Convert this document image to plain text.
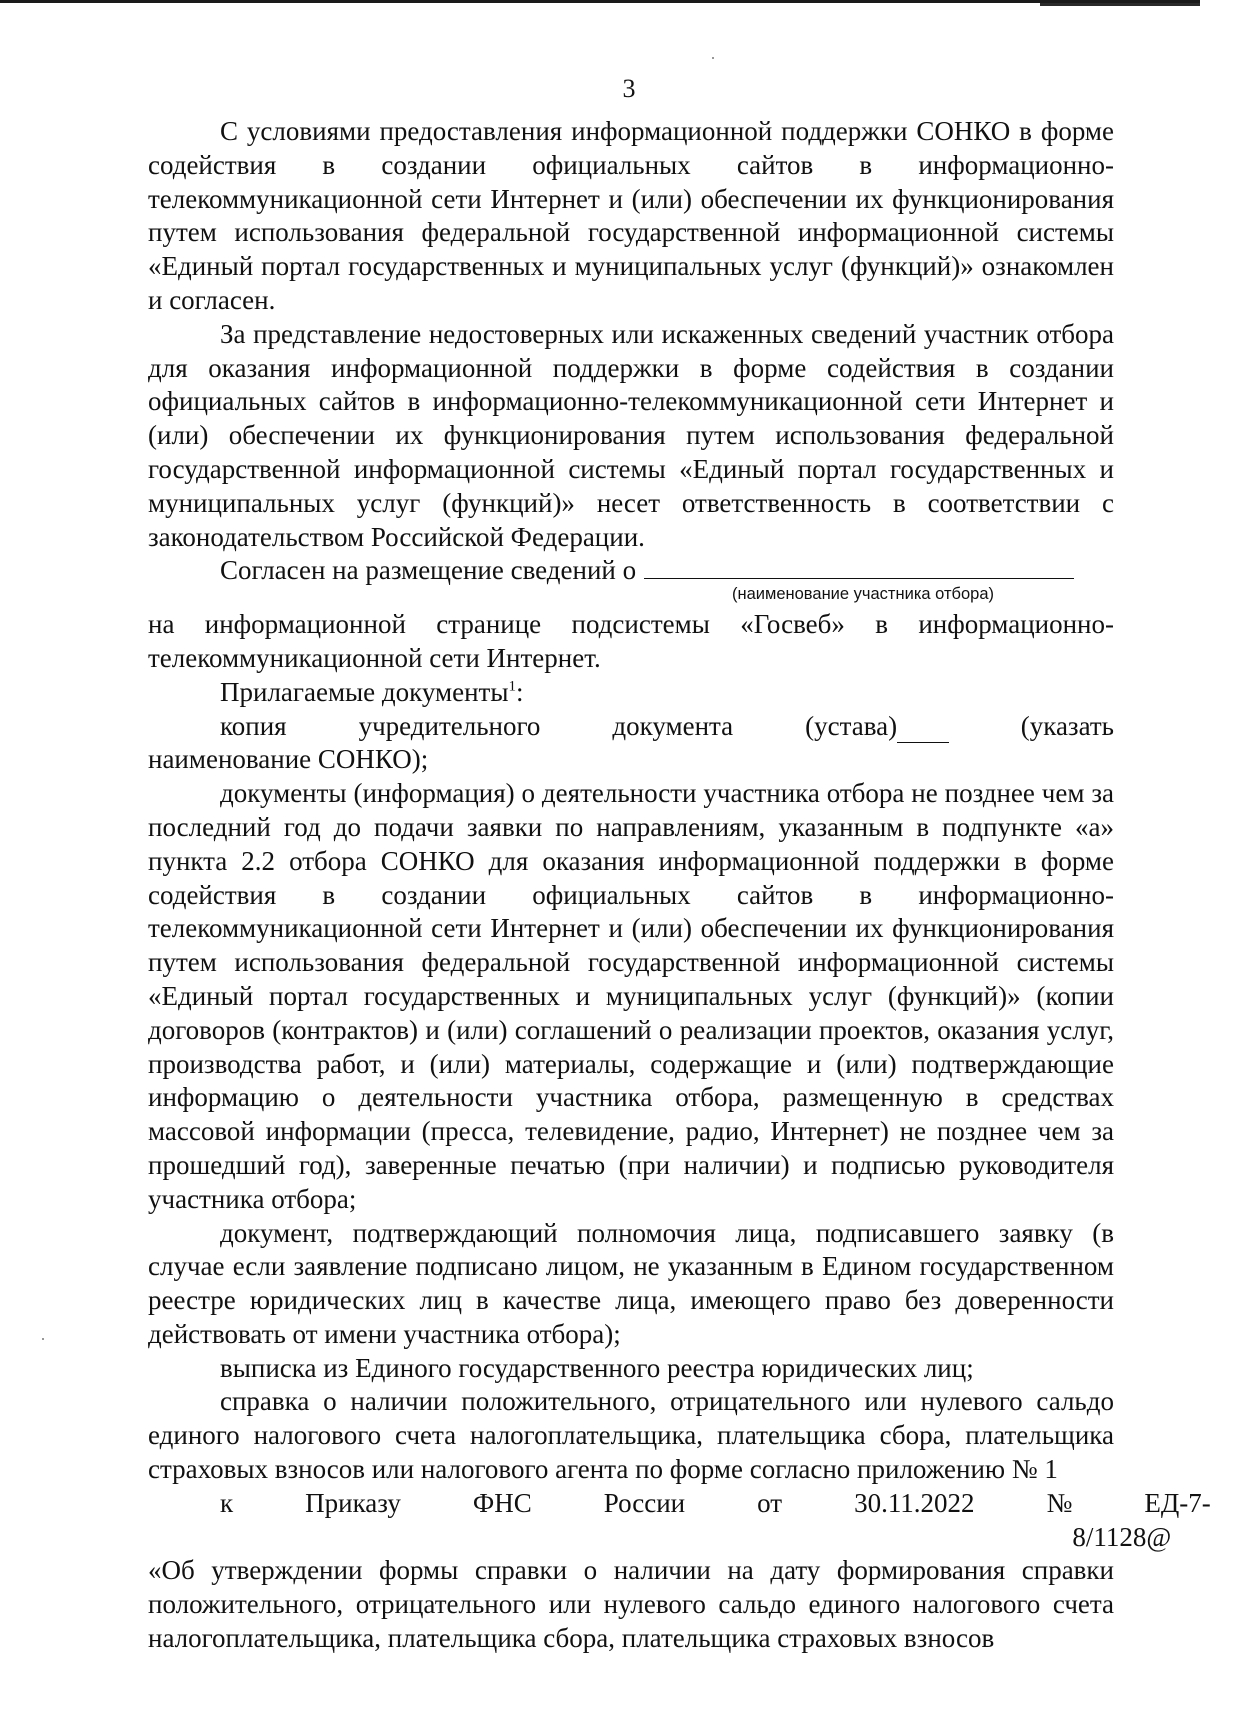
3

С условиями предоставления информационной поддержки СОНКО в форме содействия в создании официальных сайтов в информационно-телекоммуникационной сети Интернет и (или) обеспечении их функционирования путем использования федеральной государственной информационной системы «Единый портал государственных и муниципальных услуг (функций)» ознакомлен и согласен.

За представление недостоверных или искаженных сведений участник отбора для оказания информационной поддержки в форме содействия в создании официальных сайтов в информационно-телекоммуникационной сети Интернет и (или) обеспечении их функционирования путем использования федеральной государственной информационной системы «Единый портал государственных и муниципальных услуг (функций)» несет ответственность в соответствии с законодательством Российской Федерации.

Согласен на размещение сведений о

(наименование участника отбора)

на информационной странице подсистемы «Госвеб» в информационно-телекоммуникационной сети Интернет.

Прилагаемые документы$^1$:

копия	учредительного	документа	(устава)	(указать

наименование СОНКО);

документы (информация) о деятельности участника отбора не позднее чем за последний год до подачи заявки по направлениям, указанным в подпункте «а» пункта 2.2 отбора СОНКО для оказания информационной поддержки в форме содействия в создании официальных сайтов в информационно-телекоммуникационной сети Интернет и (или) обеспечении их функционирования путем использования федеральной государственной информационной системы «Единый портал государственных и муниципальных услуг (функций)» (копии договоров (контрактов) и (или) соглашений о реализации проектов, оказания услуг, производства работ, и (или) материалы, содержащие и (или) подтверждающие информацию о деятельности участника отбора, размещенную в средствах массовой информации (пресса, телевидение, радио, Интернет) не позднее чем за прошедший год), заверенные печатью (при наличии) и подписью руководителя участника отбора;

документ, подтверждающий полномочия лица, подписавшего заявку (в случае если заявление подписано лицом, не указанным в Едином государственном реестре юридических лиц в качестве лица, имеющего право без доверенности действовать от имени участника отбора);

выписка из Единого государственного реестра юридических лиц;

справка о наличии положительного, отрицательного или нулевого сальдо единого налогового счета налогоплательщика, плательщика сбора, плательщика страховых взносов или налогового агента по форме согласно приложению № 1

к	Приказу	ФНС	России	от	30.11.2022	№	ЕД-7-8/1128@

«Об утверждении формы справки о наличии на дату формирования справки положительного, отрицательного или нулевого сальдо единого налогового счета налогоплательщика, плательщика сбора, плательщика страховых взносов
